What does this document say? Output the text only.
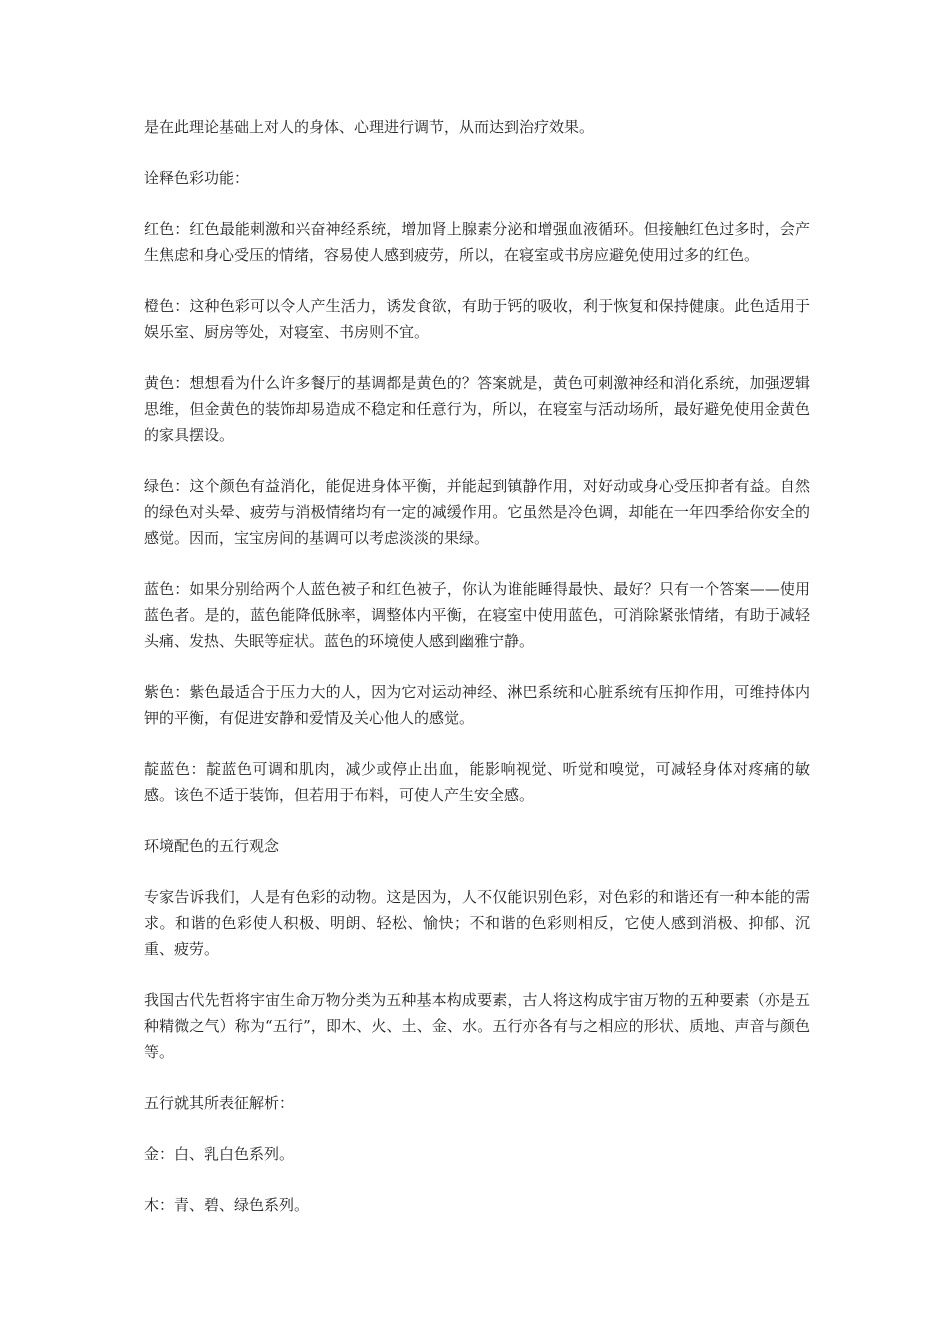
是在此理论基础上对人的身体、心理进行调节，从而达到治疗效果。

诠释色彩功能：

红色：红色最能刺激和兴奋神经系统，增加肾上腺素分泌和增强血液循环。但接触红色过多时，会产生焦虑和身心受压的情绪，容易使人感到疲劳，所以，在寝室或书房应避免使用过多的红色。

橙色：这种色彩可以令人产生活力，诱发食欲，有助于钙的吸收，利于恢复和保持健康。此色适用于娱乐室、厨房等处，对寝室、书房则不宜。

黄色：想想看为什么许多餐厅的基调都是黄色的？答案就是，黄色可刺激神经和消化系统，加强逻辑思维，但金黄色的装饰却易造成不稳定和任意行为，所以，在寝室与活动场所，最好避免使用金黄色的家具摆设。

绿色：这个颜色有益消化，能促进身体平衡，并能起到镇静作用，对好动或身心受压抑者有益。自然的绿色对头晕、疲劳与消极情绪均有一定的减缓作用。它虽然是冷色调，却能在一年四季给你安全的感觉。因而，宝宝房间的基调可以考虑淡淡的果绿。

蓝色：如果分别给两个人蓝色被子和红色被子，你认为谁能睡得最快、最好？只有一个答案——使用蓝色者。是的，蓝色能降低脉率，调整体内平衡，在寝室中使用蓝色，可消除紧张情绪，有助于减轻头痛、发热、失眠等症状。蓝色的环境使人感到幽雅宁静。

紫色：紫色最适合于压力大的人，因为它对运动神经、淋巴系统和心脏系统有压抑作用，可维持体内钾的平衡，有促进安静和爱情及关心他人的感觉。

靛蓝色：靛蓝色可调和肌肉，减少或停止出血，能影响视觉、听觉和嗅觉，可减轻身体对疼痛的敏感。该色不适于装饰，但若用于布料，可使人产生安全感。

环境配色的五行观念

专家告诉我们，人是有色彩的动物。这是因为，人不仅能识别色彩，对色彩的和谐还有一种本能的需求。和谐的色彩使人积极、明朗、轻松、愉快；不和谐的色彩则相反，它使人感到消极、抑郁、沉重、疲劳。

我国古代先哲将宇宙生命万物分类为五种基本构成要素，古人将这构成宇宙万物的五种要素（亦是五种精微之气）称为“五行”，即木、火、土、金、水。五行亦各有与之相应的形状、质地、声音与颜色等。

五行就其所表征解析：

金：白、乳白色系列。

木：青、碧、绿色系列。
